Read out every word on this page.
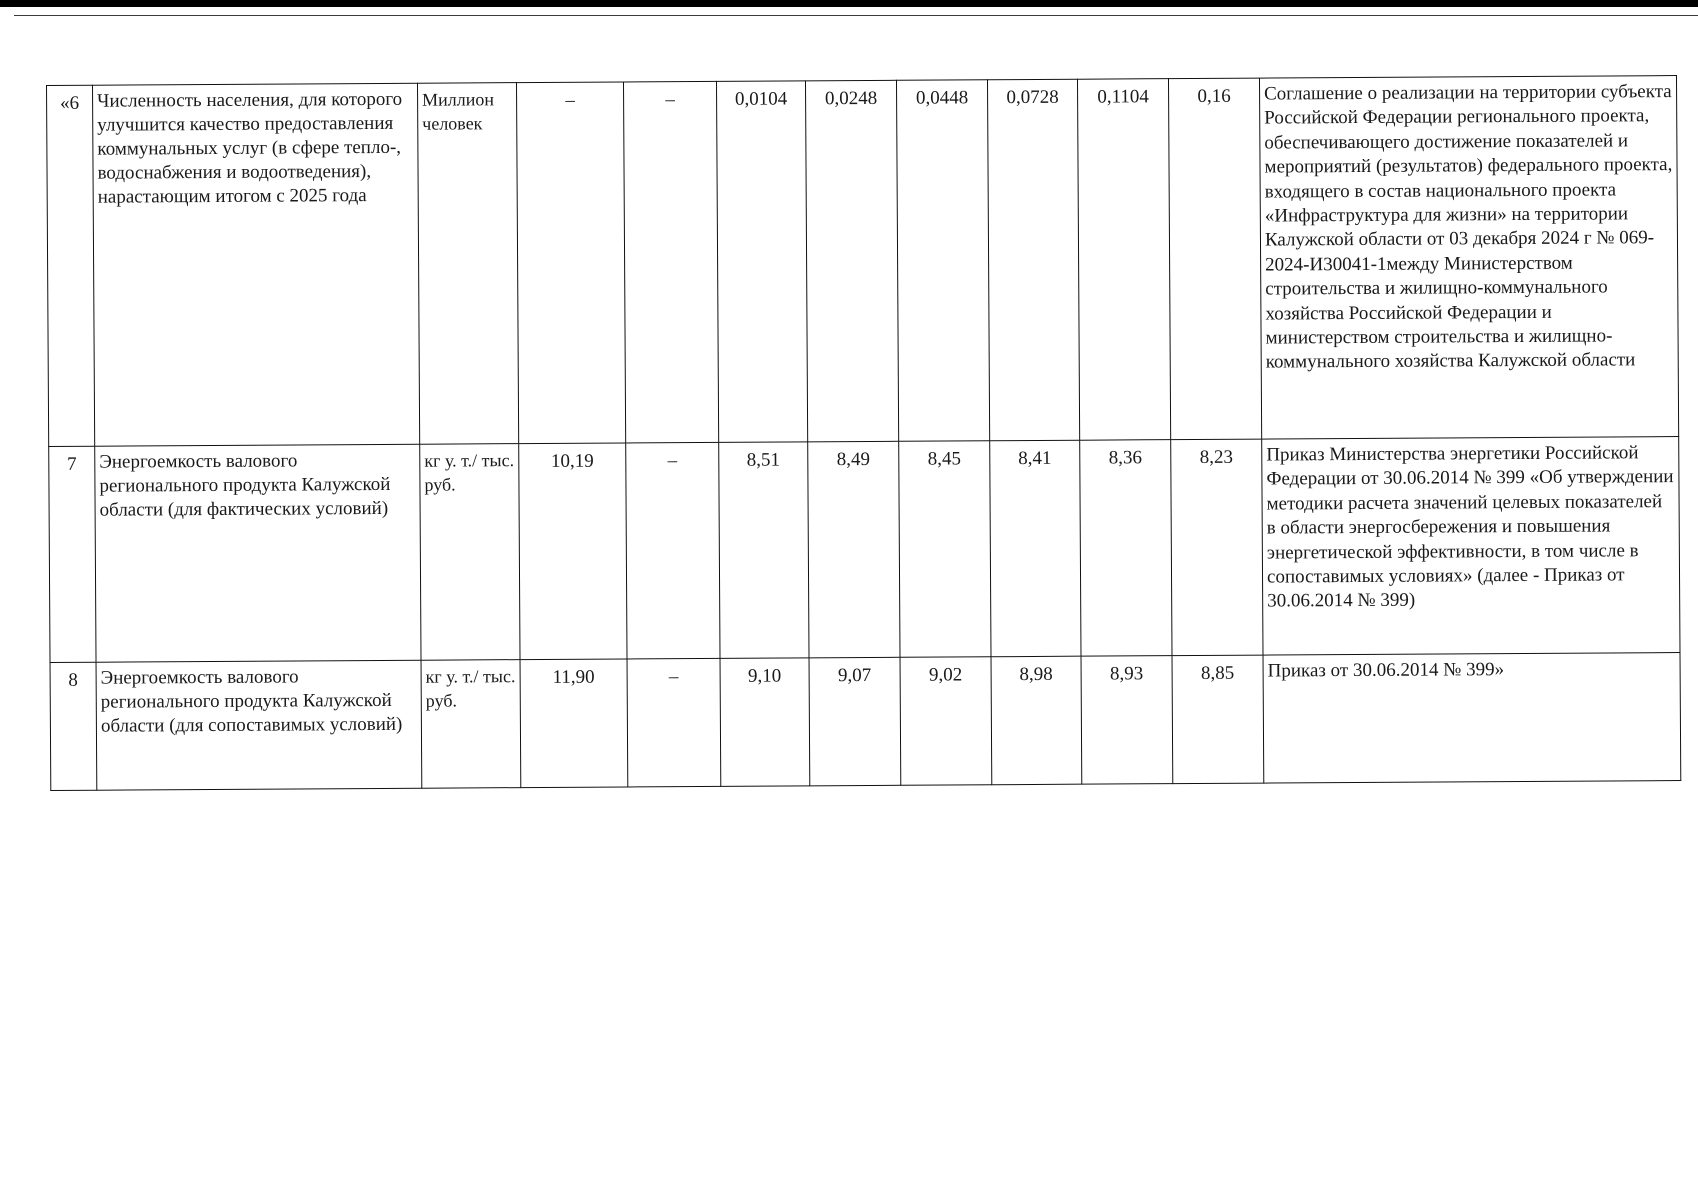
«6	Численность населения, для которого улучшится качество предоставления коммунальных услуг (в сфере тепло-, водоснабжения и водоотведения), нарастающим итогом с 2025 года	Миллион человек	–	–	0,0104	0,0248	0,0448	0,0728	0,1104	0,16	Соглашение о реализации на территории субъекта Российской Федерации регионального проекта, обеспечивающего достижение показателей и мероприятий (результатов) федерального проекта, входящего в состав национального проекта «Инфраструктура для жизни» на территории Калужской области от 03 декабря 2024 г № 069-2024-И30041-1между Министерством строительства и жилищно-коммунального хозяйства Российской Федерации и министерством строительства и жилищно-коммунального хозяйства Калужской области
7	Энергоемкость валового регионального продукта Калужской области (для фактических условий)	кг у. т./ тыс. руб.	10,19	–	8,51	8,49	8,45	8,41	8,36	8,23	Приказ Министерства энергетики Российской Федерации от 30.06.2014 № 399 «Об утверждении методики расчета значений целевых показателей в области энергосбережения и повышения энергетической эффективности, в том числе в сопоставимых условиях» (далее - Приказ от 30.06.2014 № 399)
8	Энергоемкость валового регионального продукта Калужской области (для сопоставимых условий)	кг у. т./ тыс. руб.	11,90	–	9,10	9,07	9,02	8,98	8,93	8,85	Приказ от 30.06.2014 № 399»
